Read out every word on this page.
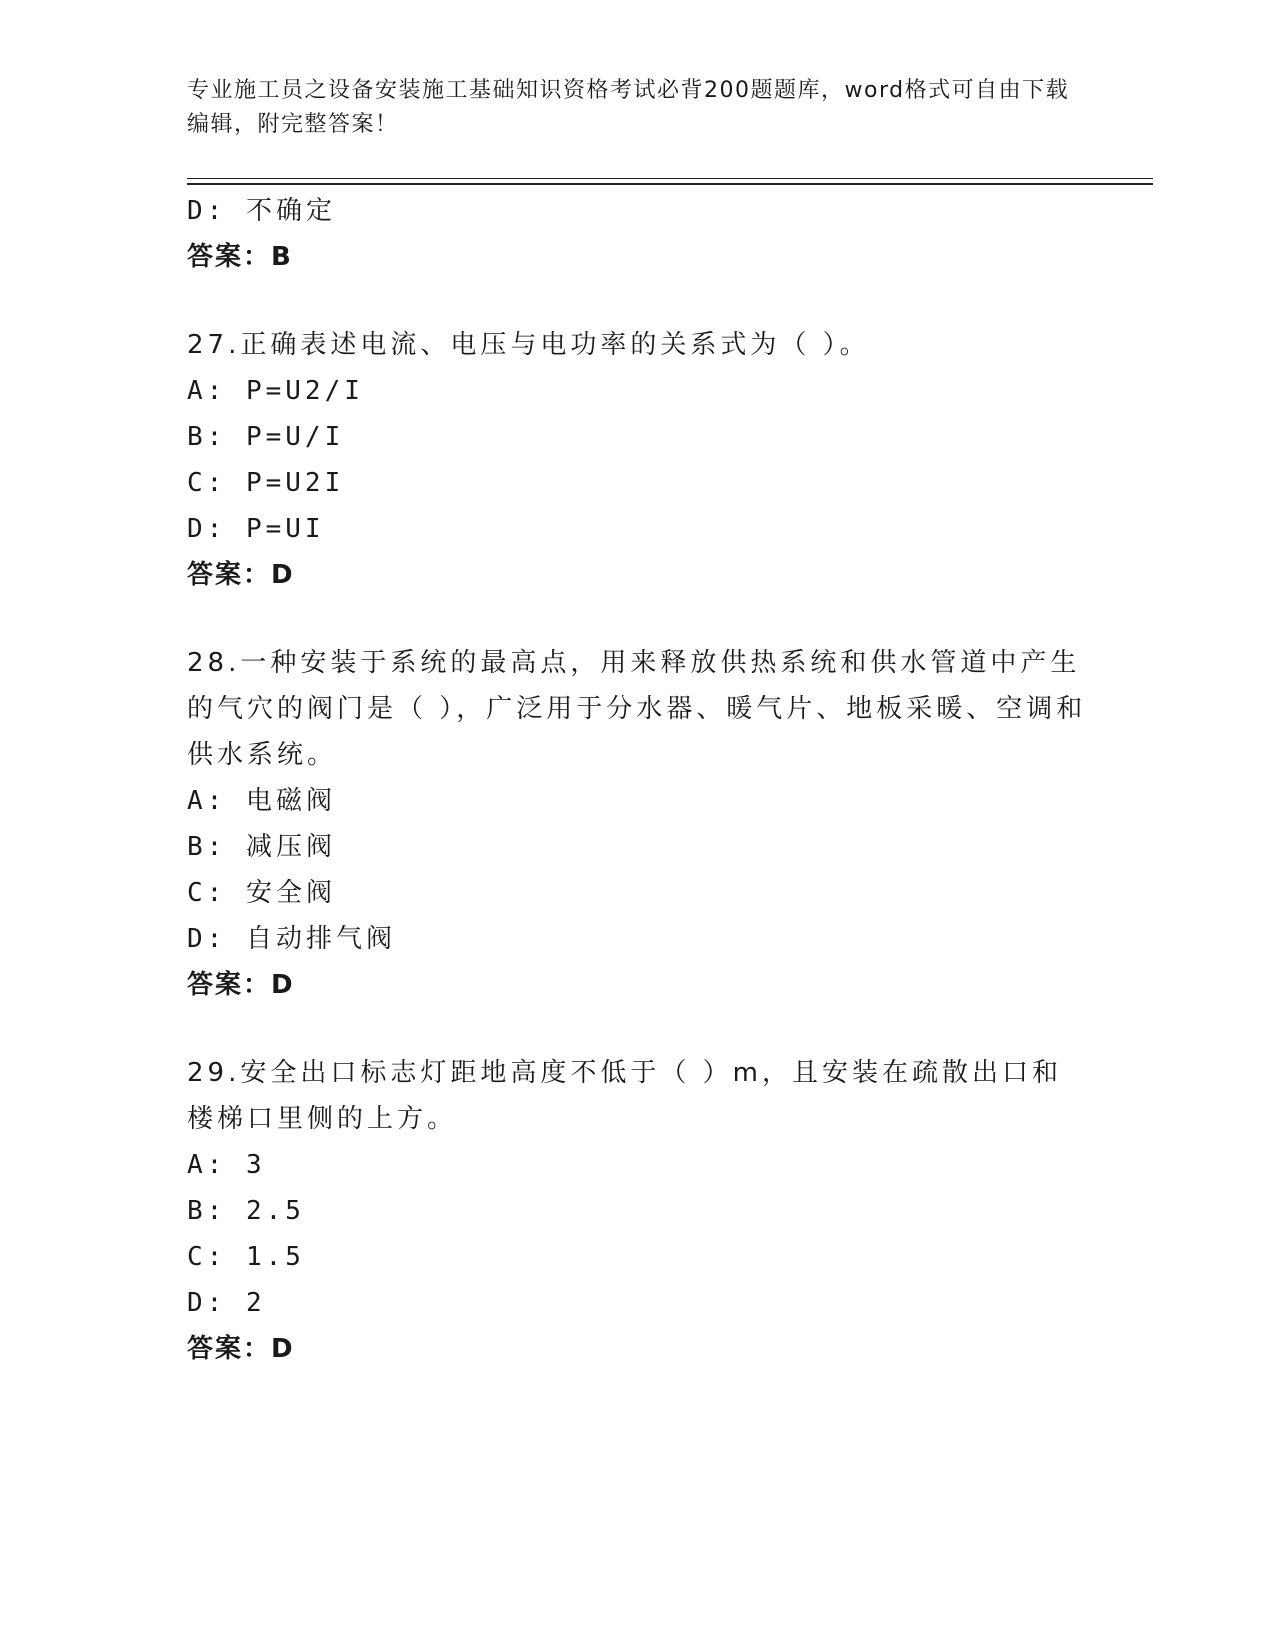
专业施工员之设备安装施工基础知识资格考试必背200题题库，word格式可自由下载编辑，附完整答案！
D: 不确定
答案：B
27.正确表述电流、电压与电功率的关系式为（ ）。
A: P=U2/I
B: P=U/I
C: P=U2I
D: P=UI
答案：D
28.一种安装于系统的最高点，用来释放供热系统和供水管道中产生的气穴的阀门是（ ），广泛用于分水器、暖气片、地板采暖、空调和供水系统。
A: 电磁阀
B: 减压阀
C: 安全阀
D: 自动排气阀
答案：D
29.安全出口标志灯距地高度不低于（ ）m，且安装在疏散出口和楼梯口里侧的上方。
A: 3
B: 2.5
C: 1.5
D: 2
答案：D
